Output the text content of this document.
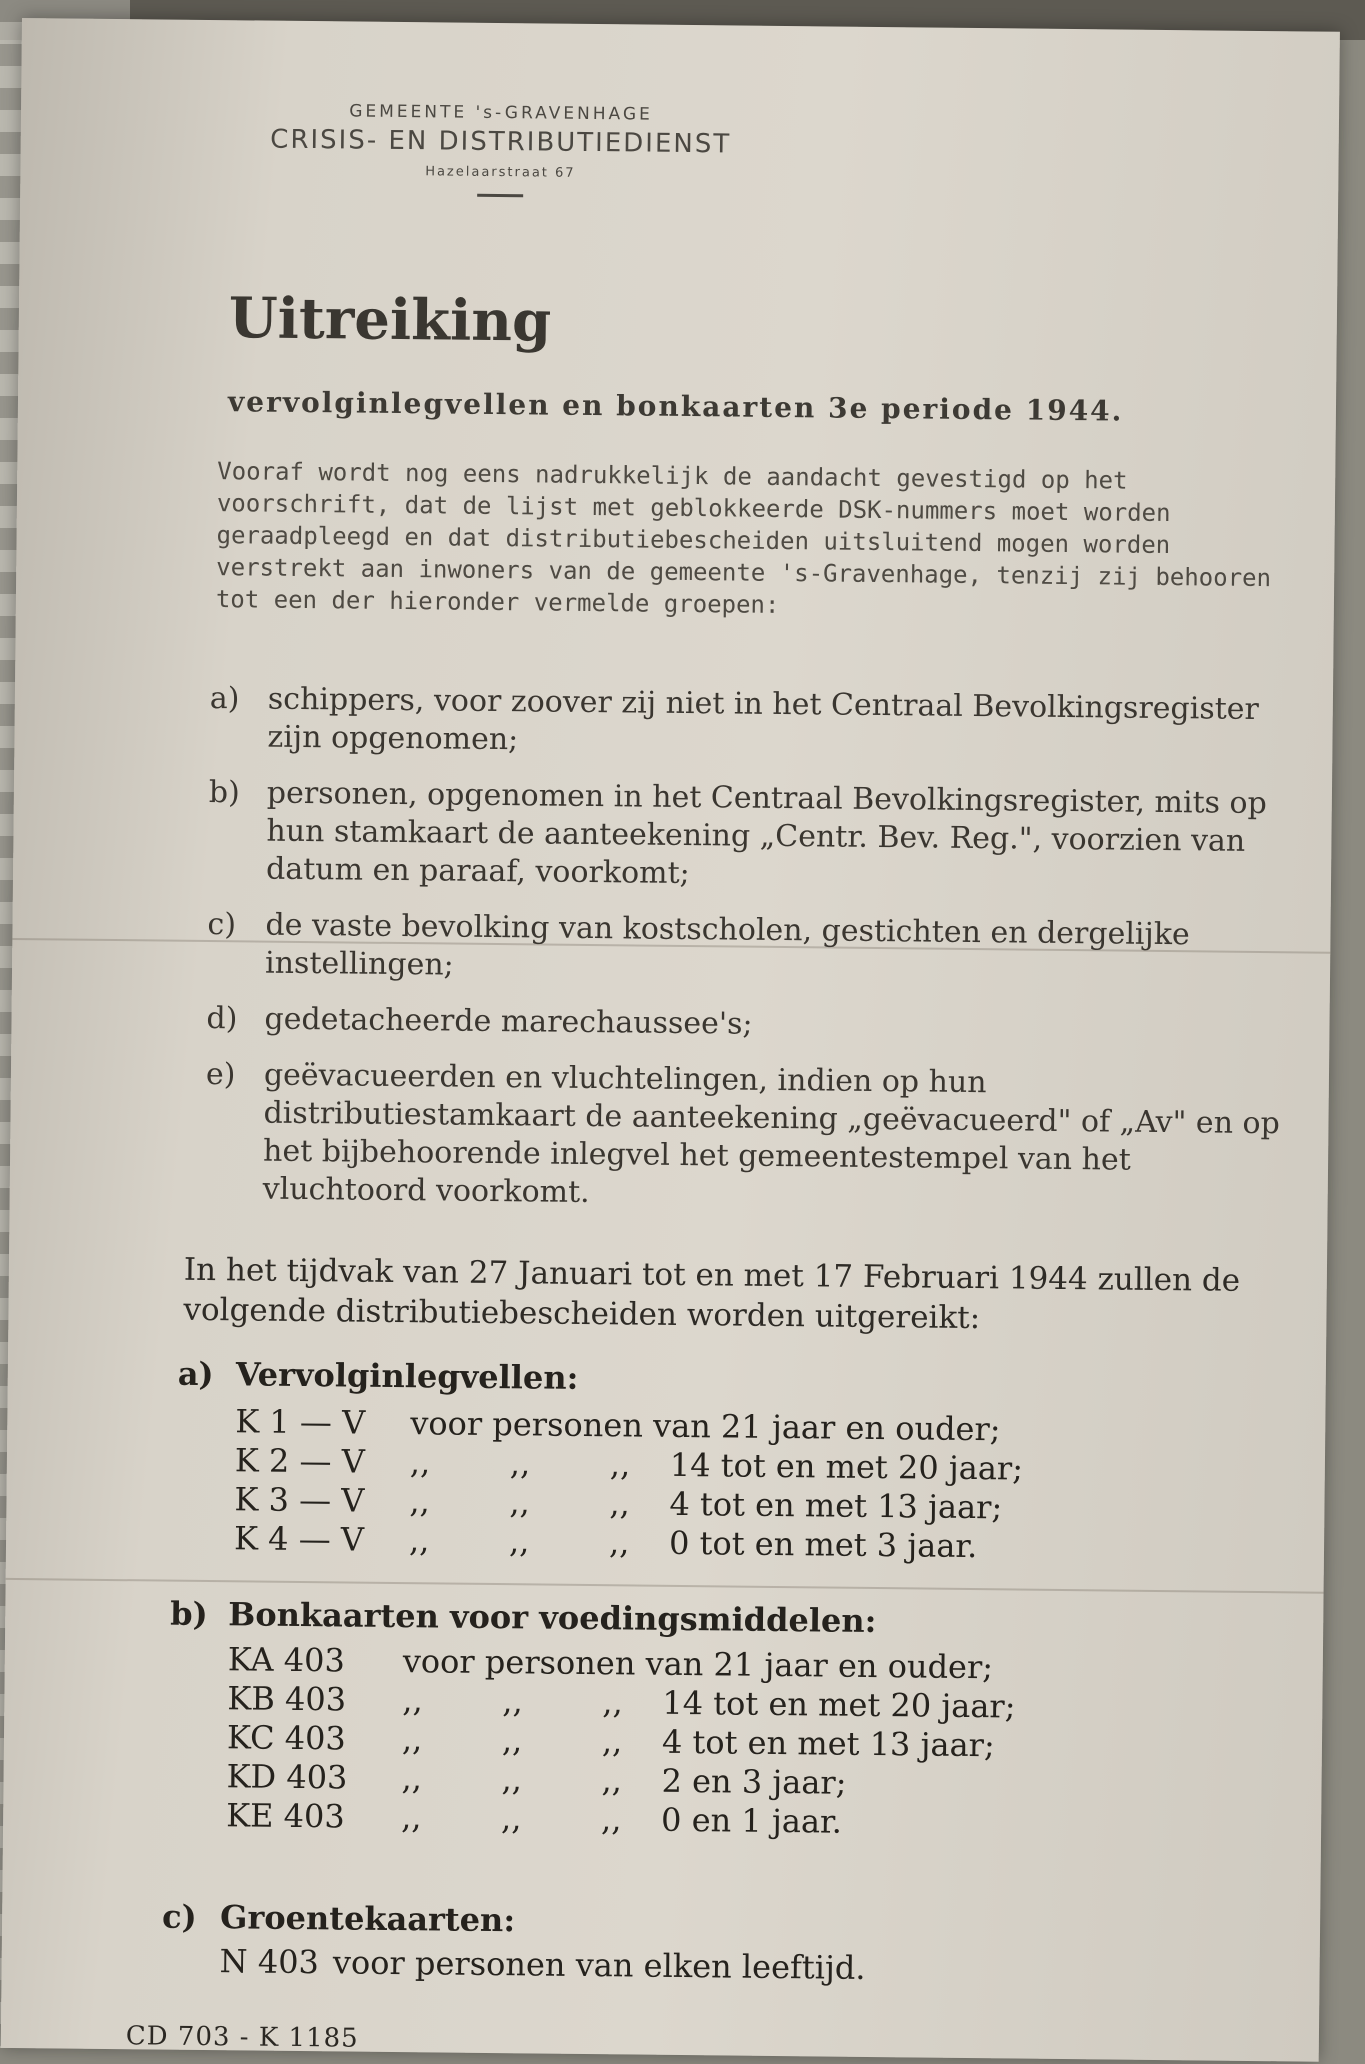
GEMEENTE 's-GRAVENHAGE
CRISIS- EN DISTRIBUTIEDIENST
Hazelaarstraat 67
Uitreiking
vervolginlegvellen en bonkaarten 3e periode 1944.
Vooraf wordt nog eens nadrukkelijk de aandacht gevestigd op het voorschrift, dat de lijst met geblokkeerde DSK-nummers moet worden geraadpleegd en dat distributiebescheiden uitsluitend mogen worden verstrekt aan inwoners van de gemeente 's-Gravenhage, tenzij zij behooren tot een der hieronder vermelde groepen:
a) schippers, voor zoover zij niet in het Centraal Bevolkingsregister zijn opgenomen;
b) personen, opgenomen in het Centraal Bevolkingsregister, mits op hun stamkaart de aanteekening „Centr. Bev. Reg.", voorzien van datum en paraaf, voorkomt;
c) de vaste bevolking van kostscholen, gestichten en dergelijke instellingen;
d) gedetacheerde marechaussee's;
e) geëvacueerden en vluchtelingen, indien op hun distributiestamkaart de aanteekening „geëvacueerd" of „Av" en op het bijbehoorende inlegvel het gemeentestempel van het vluchtoord voorkomt.
In het tijdvak van 27 Januari tot en met 17 Februari 1944 zullen de volgende distributiebescheiden worden uitgereikt:
a) Vervolginlegvellen:
K 1 — V	voor personen van 21 jaar en ouder;
K 2 — V	,, ,, ,,	14 tot en met 20 jaar;
K 3 — V	,, ,, ,,	4 tot en met 13 jaar;
K 4 — V	,, ,, ,,	0 tot en met 3 jaar.
b) Bonkaarten voor voedingsmiddelen:
KA 403	voor personen van 21 jaar en ouder;
KB 403	,, ,, ,,	14 tot en met 20 jaar;
KC 403	,, ,, ,,	4 tot en met 13 jaar;
KD 403	,, ,, ,,	2 en 3 jaar;
KE 403	,, ,, ,,	0 en 1 jaar.
c) Groentekaarten:
N 403 voor personen van elken leeftijd.
CD 703 - K 1185
